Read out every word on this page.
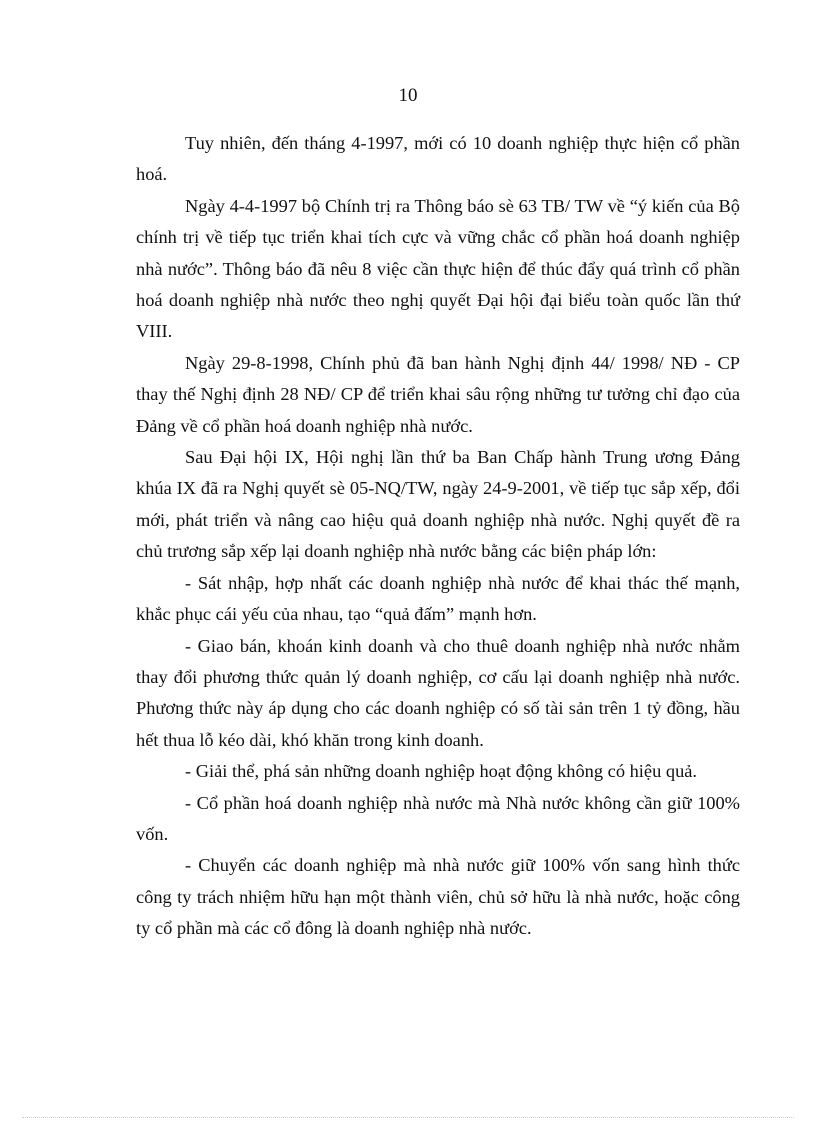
10

Tuy nhiên, đến tháng 4-1997, mới có 10 doanh nghiệp thực hiện cổ phần hoá.

Ngày 4-4-1997 bộ Chính trị ra Thông báo sè 63 TB/ TW về “ý kiến của Bộ chính trị về tiếp tục triển khai tích cực và vững chắc cổ phần hoá doanh nghiệp nhà nước”. Thông báo đã nêu 8 việc cần thực hiện để thúc đẩy quá trình cổ phần hoá doanh nghiệp nhà nước theo nghị quyết Đại hội đại biểu toàn quốc lần thứ VIII.

Ngày 29-8-1998, Chính phủ đã ban hành Nghị định 44/ 1998/ NĐ - CP thay thế Nghị định 28 NĐ/ CP để triển khai sâu rộng những tư tưởng chỉ đạo của Đảng về cổ phần hoá doanh nghiệp nhà nước.

Sau Đại hội IX, Hội nghị lần thứ ba Ban Chấp hành Trung ương Đảng khúa IX đã ra Nghị quyết sè 05-NQ/TW, ngày 24-9-2001, về tiếp tục sắp xếp, đổi mới, phát triển và nâng cao hiệu quả doanh nghiệp nhà nước. Nghị quyết đề ra chủ trương sắp xếp lại doanh nghiệp nhà nước bằng các biện pháp lớn:

- Sát nhập, hợp nhất các doanh nghiệp nhà nước để khai thác thế mạnh, khắc phục cái yếu của nhau, tạo “quả đấm” mạnh hơn.

- Giao bán, khoán kinh doanh và cho thuê doanh nghiệp nhà nước nhằm thay đổi phương thức quản lý doanh nghiệp, cơ cấu lại doanh nghiệp nhà nước. Phương thức này áp dụng cho các doanh nghiệp có số tài sản trên 1 tỷ đồng, hầu hết thua lỗ kéo dài, khó khăn trong kinh doanh.

- Giải thể, phá sản những doanh nghiệp hoạt động không có hiệu quả.

- Cổ phần hoá doanh nghiệp nhà nước mà Nhà nước không cần giữ 100% vốn.

- Chuyển các doanh nghiệp mà nhà nước giữ 100% vốn sang hình thức công ty trách nhiệm hữu hạn một thành viên, chủ sở hữu là nhà nước, hoặc công ty cổ phần mà các cổ đông là doanh nghiệp nhà nước.
